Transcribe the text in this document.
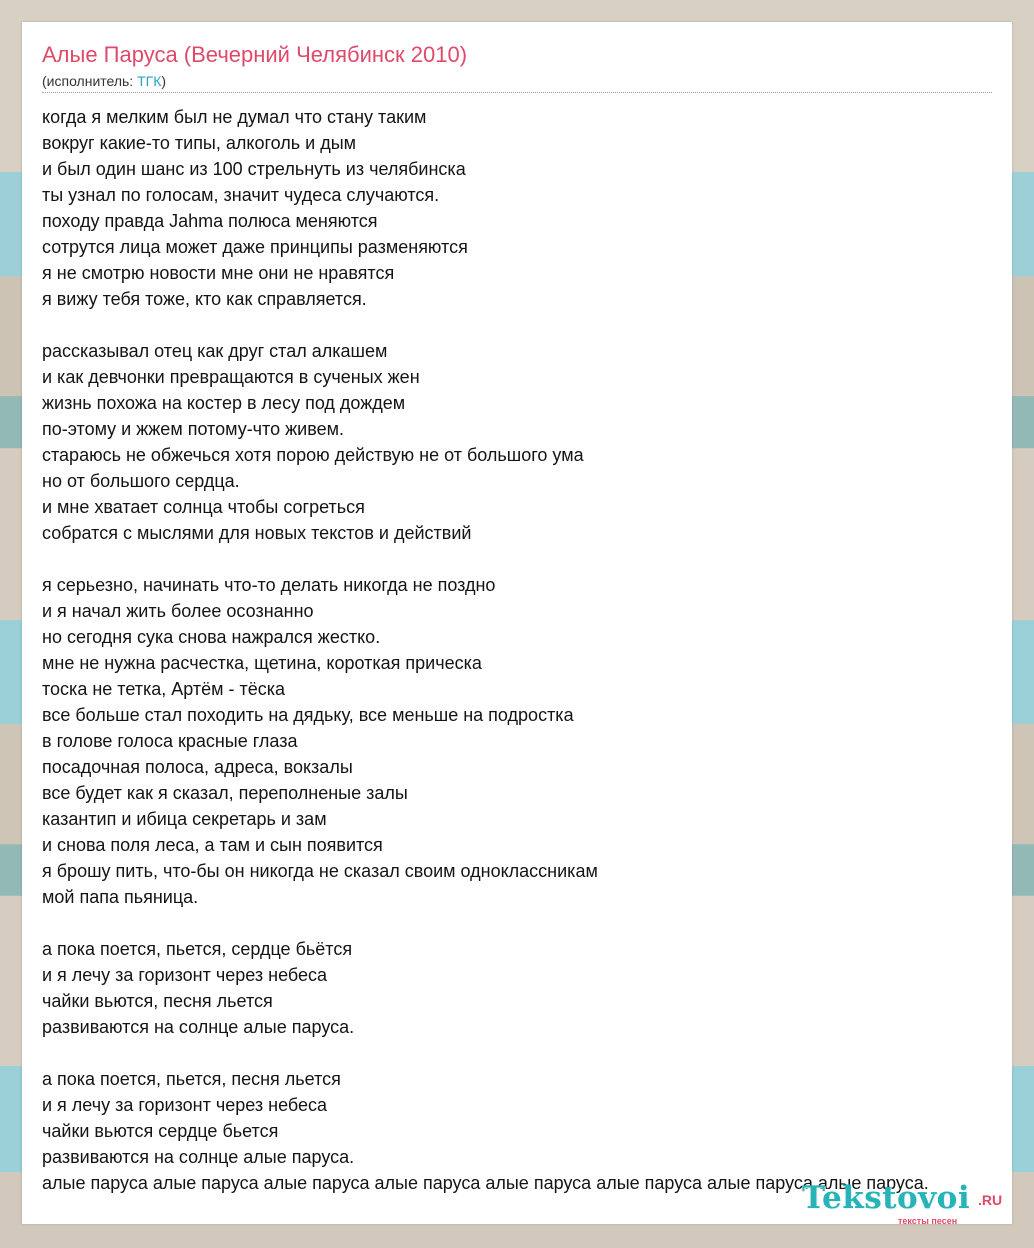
Алые Паруса (Вечерний Челябинск 2010)
(исполнитель: ТГК)
когда я мелким был не думал что стану таким
вокруг какие-то типы, алкоголь и дым
и был один шанс из 100 стрельнуть из челябинска
ты узнал по голосам, значит чудеса случаются.
походу правда Jahma полюса меняются
сотрутся лица может даже принципы разменяются
я не смотрю новости мне они не нравятся
я вижу тебя тоже, кто как справляется.

рассказывал отец как друг стал алкашем
и как девчонки превращаются в сученых жен
жизнь похожа на костер в лесу под дождем
по-этому и жжем потому-что живем.
стараюсь не обжечься хотя порою действую не от большого ума
но от большого сердца.
и мне хватает солнца чтобы согреться
собратся с мыслями для новых текстов и действий

я серьезно, начинать что-то делать никогда не поздно
и я начал жить более осознанно
но сегодня сука снова нажрался жестко.
мне не нужна расчестка, щетина, короткая прическа
тоска не тетка, Артём - тёска
все больше стал походить на дядьку, все меньше на подростка
в голове голоса красные глаза
посадочная полоса, адреса, вокзалы
все будет как я сказал, переполненые залы
казантип и ибица секретарь и зам
и снова поля леса, а там и сын появится
я брошу пить, что-бы он никогда не сказал своим одноклассникам
мой папа пьяница.

а пока поется, пьется, сердце бьётся
и я лечу за горизонт через небеса
чайки вьются, песня льется
развиваются на солнце алые паруса.

а пока поется, пьется, песня льется
и я лечу за горизонт через небеса
чайки вьются сердце бьется
развиваются на солнце алые паруса.
алые паруса алые паруса алые паруса алые паруса алые паруса алые паруса алые паруса алые паруса.
Tekstovoi .RU
тексты песен
